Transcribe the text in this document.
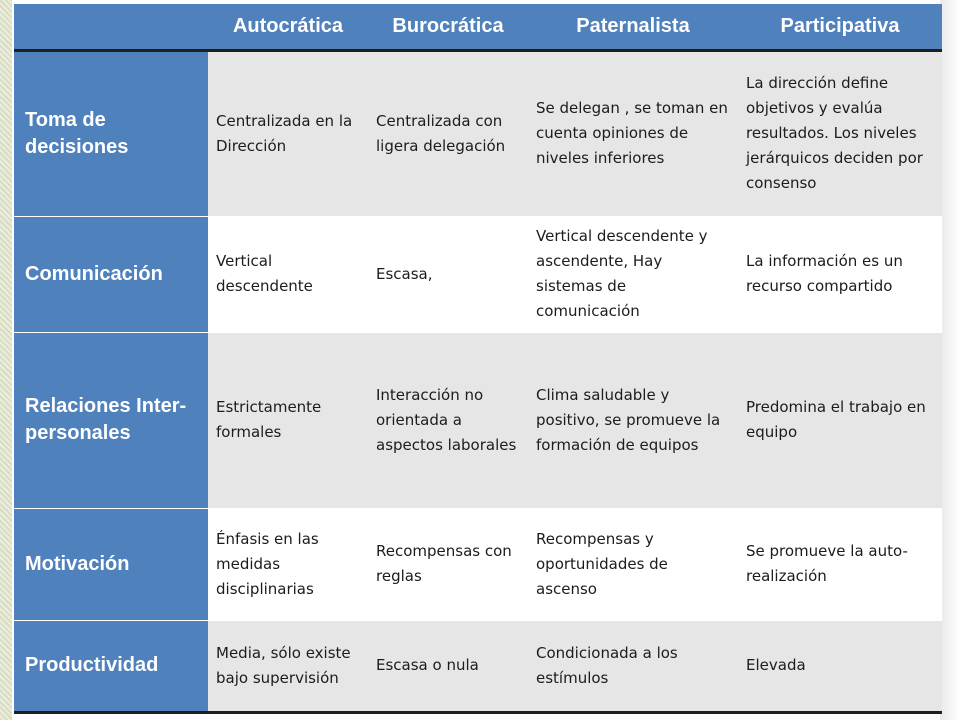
	Autocrática	Burocrática	Paternalista	Participativa
Toma de decisiones	Centralizada en la Dirección	Centralizada con ligera delegación	Se delegan , se toman en cuenta opiniones de niveles inferiores	La dirección define objetivos y evalúa resultados. Los niveles jerárquicos deciden por consenso
Comunicación	Vertical descendente	Escasa,	Vertical descendente y ascendente, Hay sistemas de comunicación	La información es un recurso compartido
Relaciones Inter-personales	Estrictamente formales	Interacción no orientada a aspectos laborales	Clima saludable y positivo, se promueve la formación de equipos	Predomina el trabajo en equipo
Motivación	Énfasis en las medidas disciplinarias	Recompensas con reglas	Recompensas y oportunidades de ascenso	Se promueve la auto-realización
Productividad	Media, sólo existe bajo supervisión	Escasa o nula	Condicionada a los estímulos	Elevada
